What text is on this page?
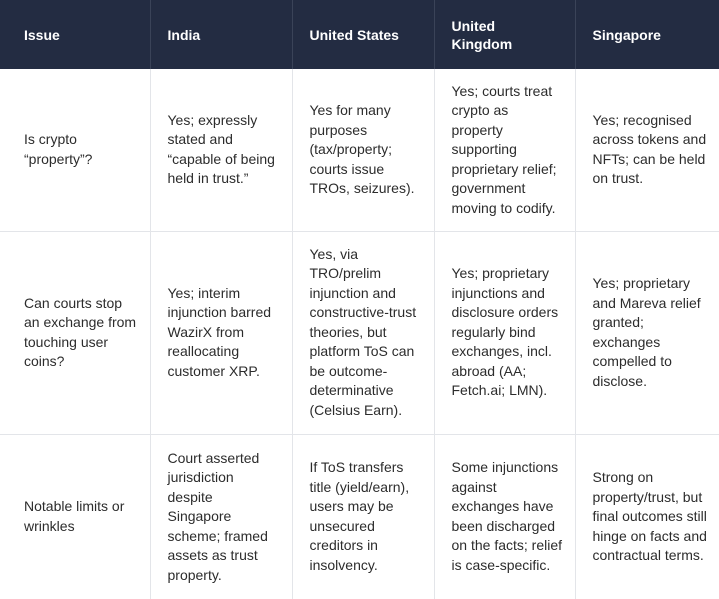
Issue	India	United States	United Kingdom	Singapore

Is crypto “property”?	Yes; expressly stated and “capable of being held in trust.”	Yes for many purposes (tax/property; courts issue TROs, seizures).	Yes; courts treat crypto as property supporting proprietary relief; government moving to codify.	Yes; recognised across tokens and NFTs; can be held on trust.

Can courts stop an exchange from touching user coins?	Yes; interim injunction barred WazirX from reallocating customer XRP.	Yes, via TRO/prelim injunction and constructive-trust theories, but platform ToS can be outcome-determinative (Celsius Earn).	Yes; proprietary injunctions and disclosure orders regularly bind exchanges, incl. abroad (AA; Fetch.ai; LMN).	Yes; proprietary and Mareva relief granted; exchanges compelled to disclose.

Notable limits or wrinkles	Court asserted jurisdiction despite Singapore scheme; framed assets as trust property.	If ToS transfers title (yield/earn), users may be unsecured creditors in insolvency.	Some injunctions against exchanges have been discharged on the facts; relief is case-specific.	Strong on property/trust, but final outcomes still hinge on facts and contractual terms.
